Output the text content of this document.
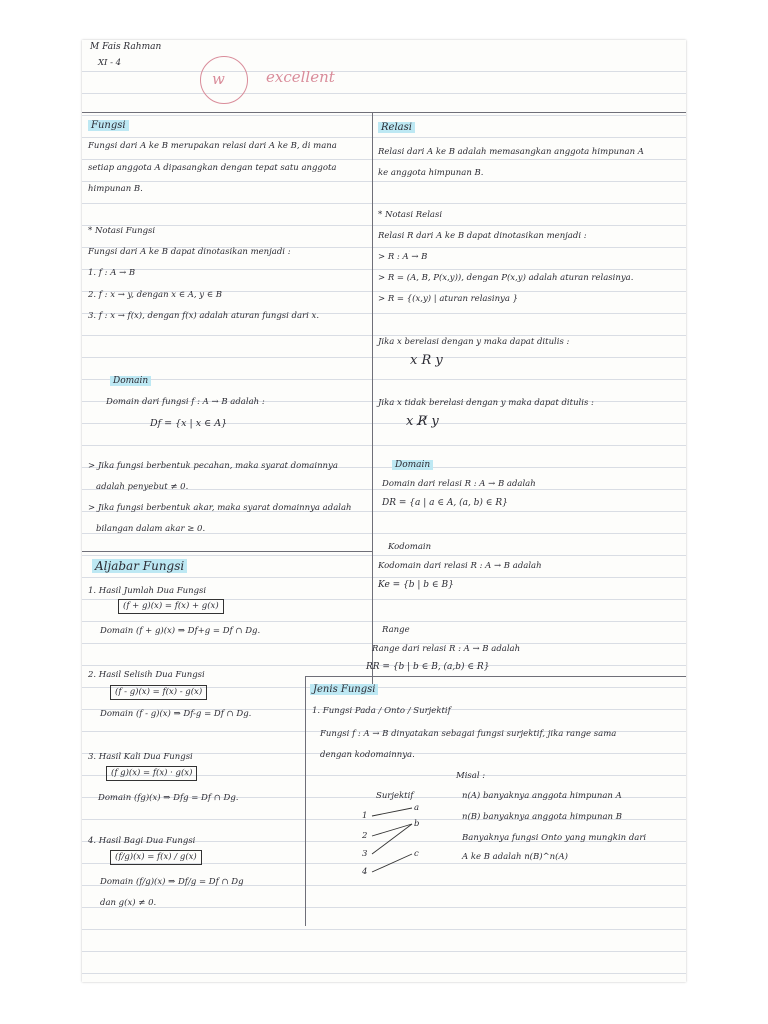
M Fais Rahman
XI - 4
w	excellent
Fungsi
Fungsi dari A ke B merupakan relasi dari A ke B, di mana
setiap anggota A dipasangkan dengan tepat satu anggota
himpunan B.
* Notasi Fungsi
Fungsi dari A ke B dapat dinotasikan menjadi :
1. f : A → B
2. f : x → y, dengan x ∈ A, y ∈ B
3. f : x → f(x), dengan f(x) adalah aturan fungsi dari x.
Domain
Domain dari fungsi f : A → B adalah :
Df = {x | x ∈ A}
> Jika fungsi berbentuk pecahan, maka syarat domainnya
adalah penyebut ≠ 0.
> Jika fungsi berbentuk akar, maka syarat domainnya adalah
bilangan dalam akar ≥ 0.
Aljabar Fungsi
1. Hasil Jumlah Dua Fungsi
(f + g)(x) = f(x) + g(x)
Domain (f + g)(x) ⇒ Df+g = Df ∩ Dg.
2. Hasil Selisih Dua Fungsi
(f - g)(x) = f(x) - g(x)
Domain (f - g)(x) ⇒ Df-g = Df ∩ Dg.
3. Hasil Kali Dua Fungsi
(f g)(x) = f(x) · g(x)
Domain (fg)(x) ⇒ Dfg = Df ∩ Dg.
4. Hasil Bagi Dua Fungsi
(f/g)(x) = f(x) / g(x)
Domain (f/g)(x) ⇒ Df/g = Df ∩ Dg
dan g(x) ≠ 0.
Relasi
Relasi dari A ke B adalah memasangkan anggota himpunan A
ke anggota himpunan B.
* Notasi Relasi
Relasi R dari A ke B dapat dinotasikan menjadi :
> R : A → B
> R = (A, B, P(x,y)), dengan P(x,y) adalah aturan relasinya.
> R = {(x,y) | aturan relasinya }
Jika x berelasi dengan y maka dapat ditulis :
x R y
Jika x tidak berelasi dengan y maka dapat ditulis :
x R̸ y
Domain
Domain dari relasi R : A → B adalah
DR = {a | a ∈ A, (a, b) ∈ R}
Kodomain
Kodomain dari relasi R : A → B adalah
Ke = {b | b ∈ B}
Range
Range dari relasi R : A → B adalah
RR = {b | b ∈ B, (a,b) ∈ R}
Jenis Fungsi
1. Fungsi Pada / Onto / Surjektif
Fungsi f : A → B dinyatakan sebagai fungsi surjektif, jika range sama
dengan kodomainnya.
Misal :
Surjektif
1
2
3
4
a
b
c
n(A) banyaknya anggota himpunan A
n(B) banyaknya anggota himpunan B
Banyaknya fungsi Onto yang mungkin dari
A ke B adalah n(B)^n(A)
